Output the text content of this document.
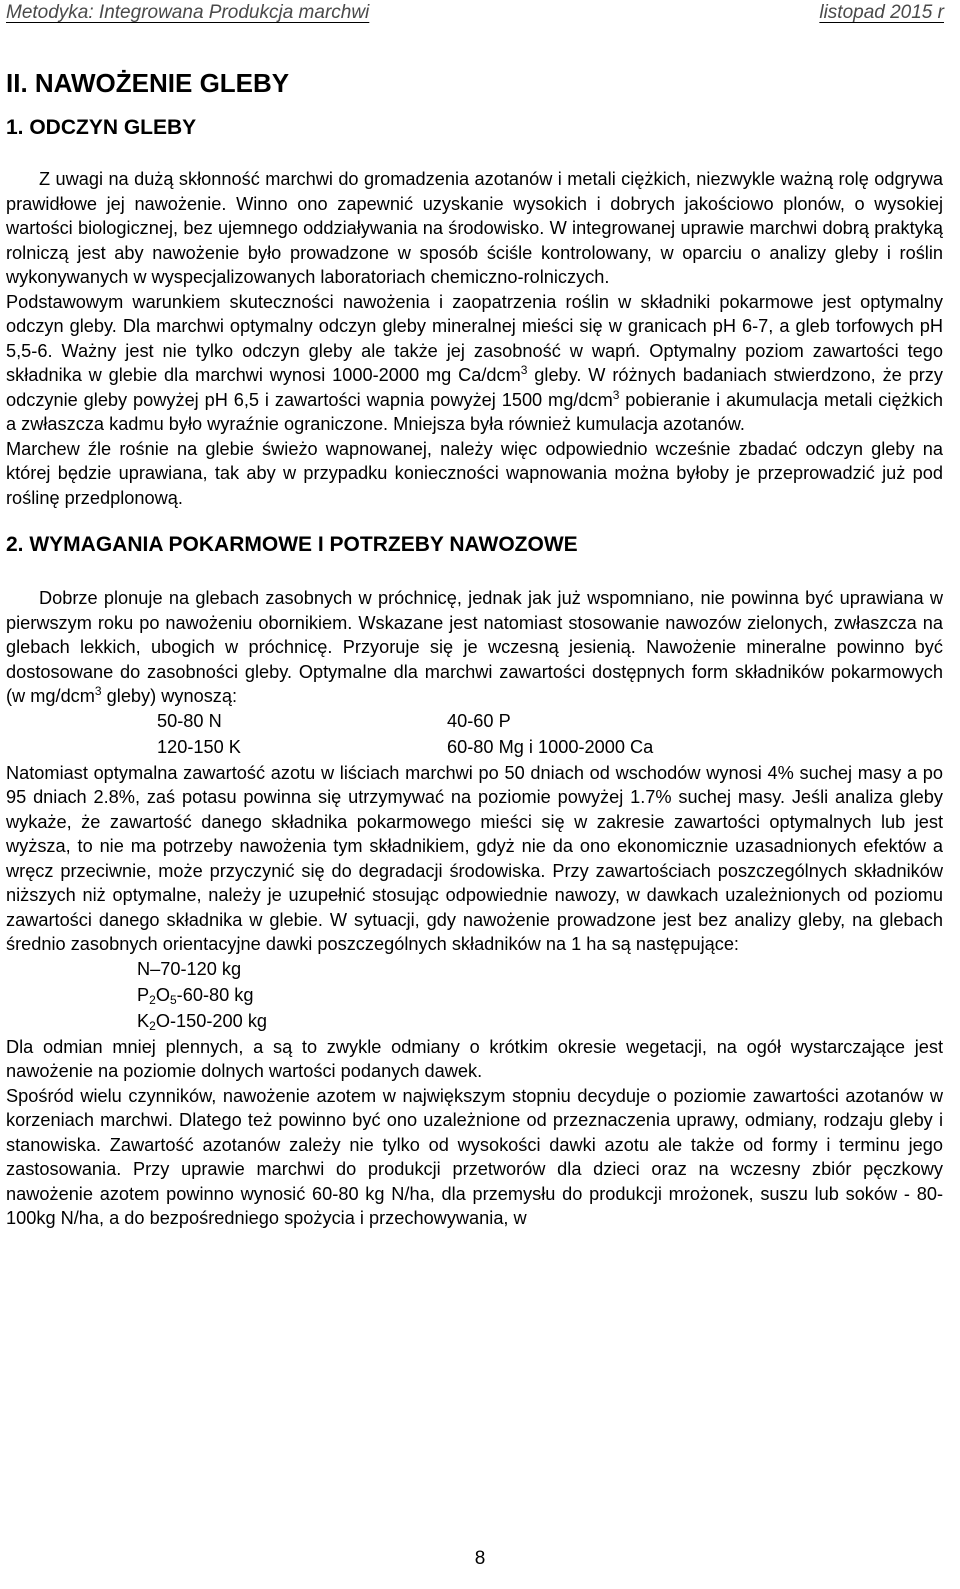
Metodyka: Integrowana Produkcja marchwi	listopad 2015 r
II. NAWOŻENIE GLEBY
1. ODCZYN GLEBY

Z uwagi na dużą skłonność marchwi do gromadzenia azotanów i metali ciężkich, niezwykle ważną rolę odgrywa prawidłowe jej nawożenie. Winno ono zapewnić uzyskanie wysokich i dobrych jakościowo plonów, o wysokiej wartości biologicznej, bez ujemnego oddziaływania na środowisko. W integrowanej uprawie marchwi dobrą praktyką rolniczą jest aby nawożenie było prowadzone w sposób ściśle kontrolowany, w oparciu o analizy gleby i roślin wykonywanych w wyspecjalizowanych laboratoriach chemiczno-rolniczych.

Podstawowym warunkiem skuteczności nawożenia i zaopatrzenia roślin w składniki pokarmowe jest optymalny odczyn gleby. Dla marchwi optymalny odczyn gleby mineralnej mieści się w granicach pH 6-7, a gleb torfowych pH 5,5-6. Ważny jest nie tylko odczyn gleby ale także jej zasobność w wapń. Optymalny poziom zawartości tego składnika w glebie dla marchwi wynosi 1000-2000 mg Ca/dcm$^3$ gleby. W różnych badaniach stwierdzono, że przy odczynie gleby powyżej pH 6,5 i zawartości wapnia powyżej 1500 mg/dcm$^3$ pobieranie i akumulacja metali ciężkich a zwłaszcza kadmu było wyraźnie ograniczone. Mniejsza była również kumulacja azotanów.

Marchew źle rośnie na glebie świeżo wapnowanej, należy więc odpowiednio wcześnie zbadać odczyn gleby na której będzie uprawiana, tak aby w przypadku konieczności wapnowania można byłoby je przeprowadzić już pod roślinę przedplonową.

2. WYMAGANIA POKARMOWE I POTRZEBY NAWOZOWE

Dobrze plonuje na glebach zasobnych w próchnicę, jednak jak już wspomniano, nie powinna być uprawiana w pierwszym roku po nawożeniu obornikiem. Wskazane jest natomiast stosowanie nawozów zielonych, zwłaszcza na glebach lekkich, ubogich w próchnicę. Przyoruje się je wczesną jesienią. Nawożenie mineralne powinno być dostosowane do zasobności gleby. Optymalne dla marchwi zawartości dostępnych form składników pokarmowych (w mg/dcm$^3$ gleby) wynoszą:

50-80 N	40-60 P
120-150 K	60-80 Mg i 1000-2000 Ca

Natomiast optymalna zawartość azotu w liściach marchwi po 50 dniach od wschodów wynosi 4% suchej masy a po 95 dniach 2.8%, zaś potasu powinna się utrzymywać na poziomie powyżej 1.7% suchej masy. Jeśli analiza gleby wykaże, że zawartość danego składnika pokarmowego mieści się w zakresie zawartości optymalnych lub jest wyższa, to nie ma potrzeby nawożenia tym składnikiem, gdyż nie da ono ekonomicznie uzasadnionych efektów a wręcz przeciwnie, może przyczynić się do degradacji środowiska. Przy zawartościach poszczególnych składników niższych niż optymalne, należy je uzupełnić stosując odpowiednie nawozy, w dawkach uzależnionych od poziomu zawartości danego składnika w glebie. W sytuacji, gdy nawożenie prowadzone jest bez analizy gleby, na glebach średnio zasobnych orientacyjne dawki poszczególnych składników na 1 ha są następujące:

N–70-120 kg
$P_2O_5-60-80$ kg
$K_2O-150-200$ kg

Dla odmian mniej plennych, a są to zwykle odmiany o krótkim okresie wegetacji, na ogół wystarczające jest nawożenie na poziomie dolnych wartości podanych dawek.

Spośród wielu czynników, nawożenie azotem w największym stopniu decyduje o poziomie zawartości azotanów w korzeniach marchwi. Dlatego też powinno być ono uzależnione od przeznaczenia uprawy, odmiany, rodzaju gleby i stanowiska. Zawartość azotanów zależy nie tylko od wysokości dawki azotu ale także od formy i terminu jego zastosowania. Przy uprawie marchwi do produkcji przetworów dla dzieci oraz na wczesny zbiór pęczkowy nawożenie azotem powinno wynosić 60-80 kg N/ha, dla przemysłu do produkcji mrożonek, suszu lub soków - 80-100kg N/ha, a do bezpośredniego spożycia i przechowywania, w

8
